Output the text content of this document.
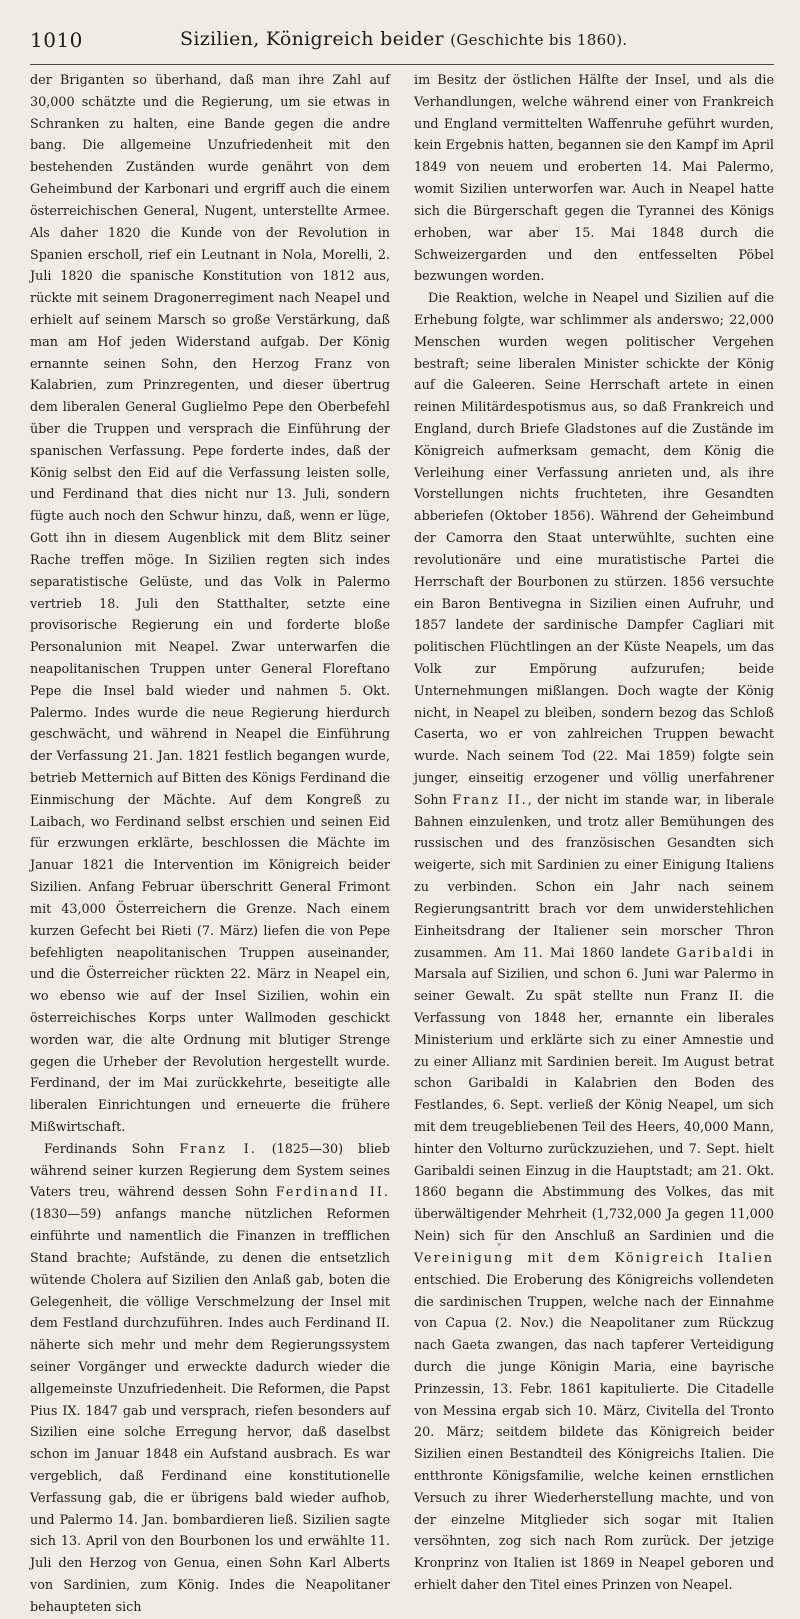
1010	Sizilien, Königreich beider (Geschichte bis 1860).

der Briganten so überhand, daß man ihre Zahl auf 30,000 schätzte und die Regierung, um sie etwas in Schranken zu halten, eine Bande gegen die andre bang. Die allgemeine Unzufriedenheit mit den bestehenden Zuständen wurde genährt von dem Geheimbund der Karbonari und ergriff auch die einem österreichischen General, Nugent, unterstellte Armee. Als daher 1820 die Kunde von der Revolution in Spanien erscholl, rief ein Leutnant in Nola, Morelli, 2. Juli 1820 die spanische Konstitution von 1812 aus, rückte mit seinem Dragonerregiment nach Neapel und erhielt auf seinem Marsch so große Verstärkung, daß man am Hof jeden Widerstand aufgab. Der König ernannte seinen Sohn, den Herzog Franz von Kalabrien, zum Prinzregenten, und dieser übertrug dem liberalen General Guglielmo Pepe den Oberbefehl über die Truppen und versprach die Einführung der spanischen Verfassung. Pepe forderte indes, daß der König selbst den Eid auf die Verfassung leisten solle, und Ferdinand that dies nicht nur 13. Juli, sondern fügte auch noch den Schwur hinzu, daß, wenn er lüge, Gott ihn in diesem Augenblick mit dem Blitz seiner Rache treffen möge. In Sizilien regten sich indes separatistische Gelüste, und das Volk in Palermo vertrieb 18. Juli den Statthalter, setzte eine provisorische Regierung ein und forderte bloße Personalunion mit Neapel. Zwar unterwarfen die neapolitanischen Truppen unter General Floreftano Pepe die Insel bald wieder und nahmen 5. Okt. Palermo. Indes wurde die neue Regierung hierdurch geschwächt, und während in Neapel die Einführung der Verfassung 21. Jan. 1821 festlich begangen wurde, betrieb Metternich auf Bitten des Königs Ferdinand die Einmischung der Mächte. Auf dem Kongreß zu Laibach, wo Ferdinand selbst erschien und seinen Eid für erzwungen erklärte, beschlossen die Mächte im Januar 1821 die Intervention im Königreich beider Sizilien. Anfang Februar überschritt General Frimont mit 43,000 Österreichern die Grenze. Nach einem kurzen Gefecht bei Rieti (7. März) liefen die von Pepe befehligten neapolitanischen Truppen auseinander, und die Österreicher rückten 22. März in Neapel ein, wo ebenso wie auf der Insel Sizilien, wohin ein österreichisches Korps unter Wallmoden geschickt worden war, die alte Ordnung mit blutiger Strenge gegen die Urheber der Revolution hergestellt wurde. Ferdinand, der im Mai zurückkehrte, beseitigte alle liberalen Einrichtungen und erneuerte die frühere Mißwirtschaft.

Ferdinands Sohn Franz I. (1825—30) blieb während seiner kurzen Regierung dem System seines Vaters treu, während dessen Sohn Ferdinand II. (1830—59) anfangs manche nützlichen Reformen einführte und namentlich die Finanzen in trefflichen Stand brachte; Aufstände, zu denen die entsetzlich wütende Cholera auf Sizilien den Anlaß gab, boten die Gelegenheit, die völlige Verschmelzung der Insel mit dem Festland durchzuführen. Indes auch Ferdinand II. näherte sich mehr und mehr dem Regierungssystem seiner Vorgänger und erweckte dadurch wieder die allgemeinste Unzufriedenheit. Die Reformen, die Papst Pius IX. 1847 gab und versprach, riefen besonders auf Sizilien eine solche Erregung hervor, daß daselbst schon im Januar 1848 ein Aufstand ausbrach. Es war vergeblich, daß Ferdinand eine konstitutionelle Verfassung gab, die er übrigens bald wieder aufhob, und Palermo 14. Jan. bombardieren ließ. Sizilien sagte sich 13. April von den Bourbonen los und erwählte 11. Juli den Herzog von Genua, einen Sohn Karl Alberts von Sardinien, zum König. Indes die Neapolitaner behaupteten sich

im Besitz der östlichen Hälfte der Insel, und als die Verhandlungen, welche während einer von Frankreich und England vermittelten Waffenruhe geführt wurden, kein Ergebnis hatten, begannen sie den Kampf im April 1849 von neuem und eroberten 14. Mai Palermo, womit Sizilien unterworfen war. Auch in Neapel hatte sich die Bürgerschaft gegen die Tyrannei des Königs erhoben, war aber 15. Mai 1848 durch die Schweizergarden und den entfesselten Pöbel bezwungen worden.

Die Reaktion, welche in Neapel und Sizilien auf die Erhebung folgte, war schlimmer als anderswo; 22,000 Menschen wurden wegen politischer Vergehen bestraft; seine liberalen Minister schickte der König auf die Galeeren. Seine Herrschaft artete in einen reinen Militärdespotismus aus, so daß Frankreich und England, durch Briefe Gladstones auf die Zustände im Königreich aufmerksam gemacht, dem König die Verleihung einer Verfassung anrieten und, als ihre Vorstellungen nichts fruchteten, ihre Gesandten abberiefen (Oktober 1856). Während der Geheimbund der Camorra den Staat unterwühlte, suchten eine revolutionäre und eine muratistische Partei die Herrschaft der Bourbonen zu stürzen. 1856 versuchte ein Baron Bentivegna in Sizilien einen Aufruhr, und 1857 landete der sardinische Dampfer Cagliari mit politischen Flüchtlingen an der Küste Neapels, um das Volk zur Empörung aufzurufen; beide Unternehmungen mißlangen. Doch wagte der König nicht, in Neapel zu bleiben, sondern bezog das Schloß Caserta, wo er von zahlreichen Truppen bewacht wurde. Nach seinem Tod (22. Mai 1859) folgte sein junger, einseitig erzogener und völlig unerfahrener Sohn Franz II., der nicht im stande war, in liberale Bahnen einzulenken, und trotz aller Bemühungen des russischen und des französischen Gesandten sich weigerte, sich mit Sardinien zu einer Einigung Italiens zu verbinden. Schon ein Jahr nach seinem Regierungsantritt brach vor dem unwiderstehlichen Einheitsdrang der Italiener sein morscher Thron zusammen. Am 11. Mai 1860 landete Garibaldi in Marsala auf Sizilien, und schon 6. Juni war Palermo in seiner Gewalt. Zu spät stellte nun Franz II. die Verfassung von 1848 her, ernannte ein liberales Ministerium und erklärte sich zu einer Amnestie und zu einer Allianz mit Sardinien bereit. Im August betrat schon Garibaldi in Kalabrien den Boden des Festlandes, 6. Sept. verließ der König Neapel, um sich mit dem treugebliebenen Teil des Heers, 40,000 Mann, hinter den Volturno zurückzuziehen, und 7. Sept. hielt Garibaldi seinen Einzug in die Hauptstadt; am 21. Okt. 1860 begann die Abstimmung des Volkes, das mit überwältigender Mehrheit (1,732,000 Ja gegen 11,000 Nein) sich für den Anschluß an Sardinien und die Vereinigung mit dem Königreich Italien entschied. Die Eroberung des Königreichs vollendeten die sardinischen Truppen, welche nach der Einnahme von Capua (2. Nov.) die Neapolitaner zum Rückzug nach Gaeta zwangen, das nach tapferer Verteidigung durch die junge Königin Maria, eine bayrische Prinzessin, 13. Febr. 1861 kapitulierte. Die Citadelle von Messina ergab sich 10. März, Civitella del Tronto 20. März; seitdem bildete das Königreich beider Sizilien einen Bestandteil des Königreichs Italien. Die entthronte Königsfamilie, welche keinen ernstlichen Versuch zu ihrer Wiederherstellung machte, und von der einzelne Mitglieder sich sogar mit Italien versöhnten, zog sich nach Rom zurück. Der jetzige Kronprinz von Italien ist 1869 in Neapel geboren und erhielt daher den Titel eines Prinzen von Neapel.

*
